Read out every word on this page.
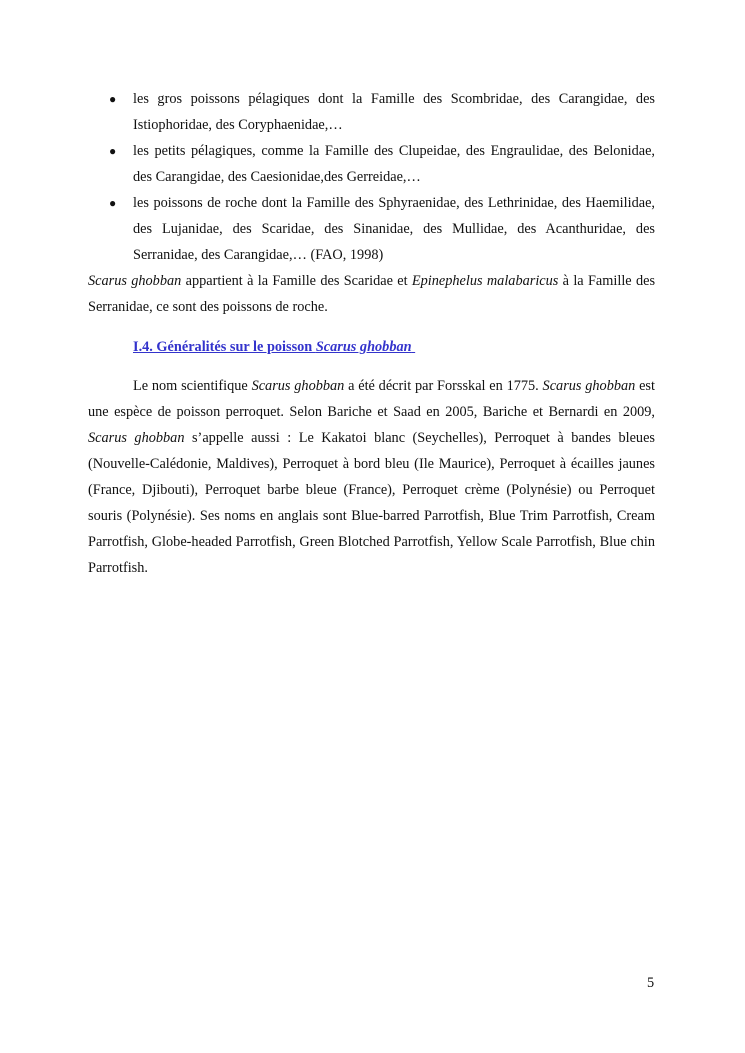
● les gros poissons pélagiques dont la Famille des Scombridae, des Carangidae, des Istiophoridae, des Coryphaenidae,…
● les petits pélagiques, comme la Famille des Clupeidae, des Engraulidae, des Belonidae, des Carangidae, des Caesionidae,des Gerreidae,…
● les poissons de roche dont la Famille des Sphyraenidae, des Lethrinidae, des Haemilidae, des Lujanidae, des Scaridae, des Sinanidae, des Mullidae, des Acanthuridae, des Serranidae, des Carangidae,… (FAO, 1998)

Scarus ghobban appartient à la Famille des Scaridae et Epinephelus malabaricus à la Famille des Serranidae, ce sont des poissons de roche.

I.4. Généralités sur le poisson Scarus ghobban

Le nom scientifique Scarus ghobban a été décrit par Forsskal en 1775. Scarus ghobban est une espèce de poisson perroquet. Selon Bariche et Saad en 2005, Bariche et Bernardi en 2009, Scarus ghobban s’appelle aussi : Le Kakatoi blanc (Seychelles), Perroquet à bandes bleues (Nouvelle-Calédonie, Maldives), Perroquet à bord bleu (Ile Maurice), Perroquet à écailles jaunes (France, Djibouti), Perroquet barbe bleue (France), Perroquet crème (Polynésie) ou Perroquet souris (Polynésie). Ses noms en anglais sont Blue-barred Parrotfish, Blue Trim Parrotfish, Cream Parrotfish, Globe-headed Parrotfish, Green Blotched Parrotfish, Yellow Scale Parrotfish, Blue chin Parrotfish.

5
